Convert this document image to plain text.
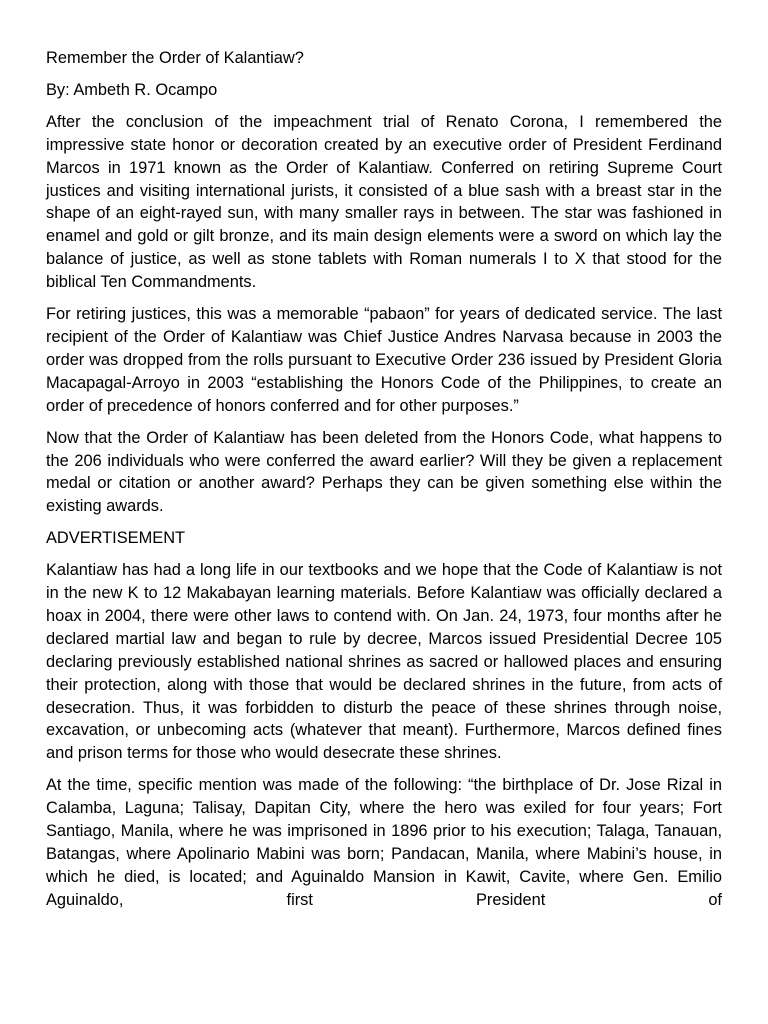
Remember the Order of Kalantiaw?

By: Ambeth R. Ocampo

After the conclusion of the impeachment trial of Renato Corona, I remembered the impressive state honor or decoration created by an executive order of President Ferdinand Marcos in 1971 known as the Order of Kalantiaw. Conferred on retiring Supreme Court justices and visiting international jurists, it consisted of a blue sash with a breast star in the shape of an eight-rayed sun, with many smaller rays in between. The star was fashioned in enamel and gold or gilt bronze, and its main design elements were a sword on which lay the balance of justice, as well as stone tablets with Roman numerals I to X that stood for the biblical Ten Commandments.

For retiring justices, this was a memorable “pabaon” for years of dedicated service. The last recipient of the Order of Kalantiaw was Chief Justice Andres Narvasa because in 2003 the order was dropped from the rolls pursuant to Executive Order 236 issued by President Gloria Macapagal-Arroyo in 2003 “establishing the Honors Code of the Philippines, to create an order of precedence of honors conferred and for other purposes.”

Now that the Order of Kalantiaw has been deleted from the Honors Code, what happens to the 206 individuals who were conferred the award earlier? Will they be given a replacement medal or citation or another award? Perhaps they can be given something else within the existing awards.

ADVERTISEMENT

Kalantiaw has had a long life in our textbooks and we hope that the Code of Kalantiaw is not in the new K to 12 Makabayan learning materials. Before Kalantiaw was officially declared a hoax in 2004, there were other laws to contend with. On Jan. 24, 1973, four months after he declared martial law and began to rule by decree, Marcos issued Presidential Decree 105 declaring previously established national shrines as sacred or hallowed places and ensuring their protection, along with those that would be declared shrines in the future, from acts of desecration. Thus, it was forbidden to disturb the peace of these shrines through noise, excavation, or unbecoming acts (whatever that meant). Furthermore, Marcos defined fines and prison terms for those who would desecrate these shrines.

At the time, specific mention was made of the following: “the birthplace of Dr. Jose Rizal in Calamba, Laguna; Talisay, Dapitan City, where the hero was exiled for four years; Fort Santiago, Manila, where he was imprisoned in 1896 prior to his execution; Talaga, Tanauan, Batangas, where Apolinario Mabini was born; Pandacan, Manila, where Mabini’s house, in which he died, is located; and Aguinaldo Mansion in Kawit, Cavite, where Gen. Emilio Aguinaldo, first President of
